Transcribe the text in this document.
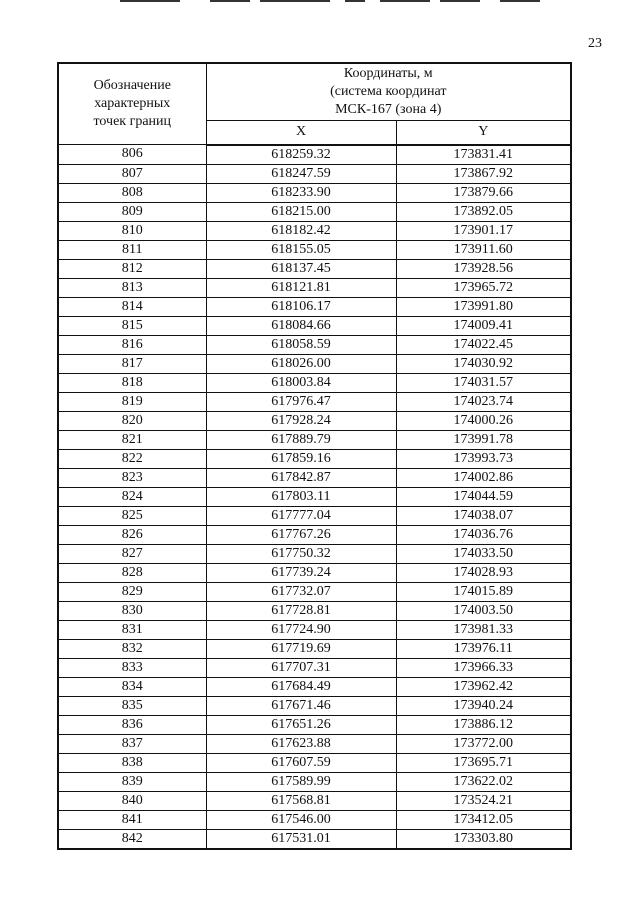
23
Обозначение
характерных
точек границ	Координаты, м
(система координат
МСК-167 (зона 4)	

	X	Y
806	618259.32	173831.41
807	618247.59	173867.92
808	618233.90	173879.66
809	618215.00	173892.05
810	618182.42	173901.17
811	618155.05	173911.60
812	618137.45	173928.56
813	618121.81	173965.72
814	618106.17	173991.80
815	618084.66	174009.41
816	618058.59	174022.45
817	618026.00	174030.92
818	618003.84	174031.57
819	617976.47	174023.74
820	617928.24	174000.26
821	617889.79	173991.78
822	617859.16	173993.73
823	617842.87	174002.86
824	617803.11	174044.59
825	617777.04	174038.07
826	617767.26	174036.76
827	617750.32	174033.50
828	617739.24	174028.93
829	617732.07	174015.89
830	617728.81	174003.50
831	617724.90	173981.33
832	617719.69	173976.11
833	617707.31	173966.33
834	617684.49	173962.42
835	617671.46	173940.24
836	617651.26	173886.12
837	617623.88	173772.00
838	617607.59	173695.71
839	617589.99	173622.02
840	617568.81	173524.21
841	617546.00	173412.05
842	617531.01	173303.80
